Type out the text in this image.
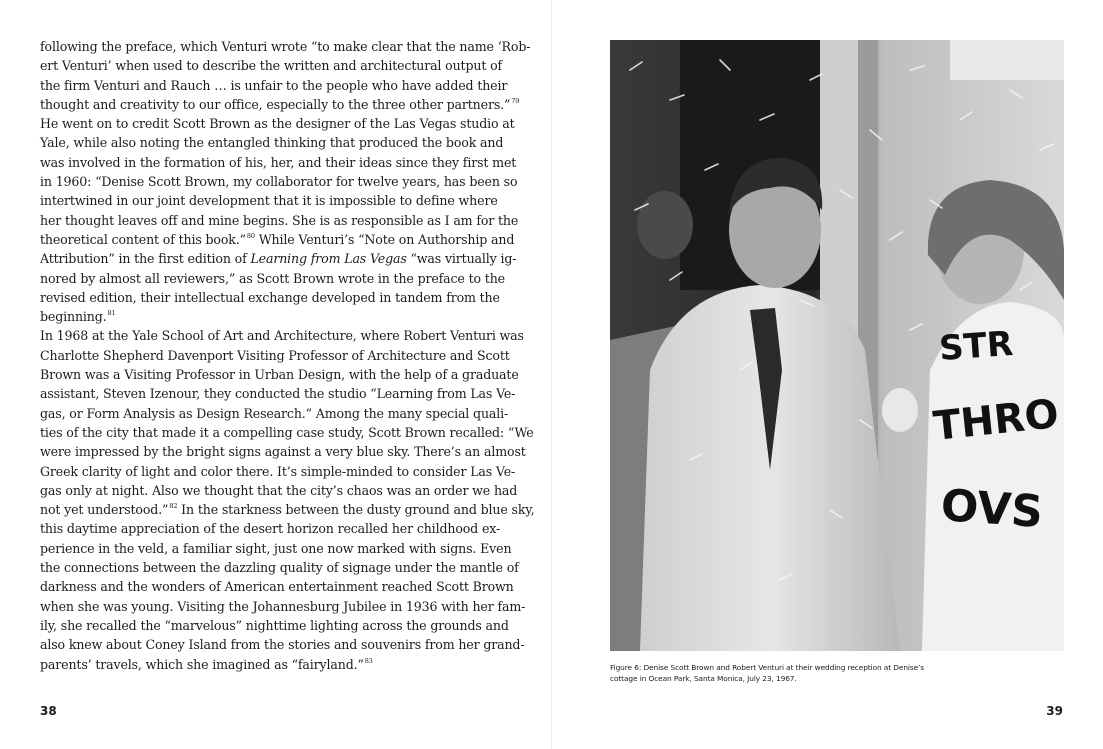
following the preface, which Venturi wrote “to make clear that the name ‘Rob-
ert Venturi’ when used to describe the written and architectural output of
the firm Venturi and Rauch … is unfair to the people who have added their
thought and creativity to our office, especially to the three other partners.”$^{79}$
He went on to credit Scott Brown as the designer of the Las Vegas studio at
Yale, while also noting the entangled thinking that produced the book and
was involved in the formation of his, her, and their ideas since they first met
in 1960: “Denise Scott Brown, my collaborator for twelve years, has been so
intertwined in our joint development that it is impossible to define where
her thought leaves off and mine begins. She is as responsible as I am for the
theoretical content of this book.”$^{80}$ While Venturi’s “Note on Authorship and
Attribution” in the first edition of Learning from Las Vegas “was virtually ig-
nored by almost all reviewers,” as Scott Brown wrote in the preface to the
revised edition, their intellectual exchange developed in tandem from the
beginning.$^{81}$
In 1968 at the Yale School of Art and Architecture, where Robert Venturi was
Charlotte Shepherd Davenport Visiting Professor of Architecture and Scott
Brown was a Visiting Professor in Urban Design, with the help of a graduate
assistant, Steven Izenour, they conducted the studio “Learning from Las Ve-
gas, or Form Analysis as Design Research.” Among the many special quali-
ties of the city that made it a compelling case study, Scott Brown recalled: “We
were impressed by the bright signs against a very blue sky. There’s an almost
Greek clarity of light and color there. It’s simple-minded to consider Las Ve-
gas only at night. Also we thought that the city’s chaos was an order we had
not yet understood.”$^{82}$ In the starkness between the dusty ground and blue sky,
this daytime appreciation of the desert horizon recalled her childhood ex-
perience in the veld, a familiar sight, just one now marked with signs. Even
the connections between the dazzling quality of signage under the mantle of
darkness and the wonders of American entertainment reached Scott Brown
when she was young. Visiting the Johannesburg Jubilee in 1936 with her fam-
ily, she recalled the “marvelous” nighttime lighting across the grounds and
also knew about Coney Island from the stories and souvenirs from her grand-
parents’ travels, which she imagined as “fairyland.”$^{83}$
38
STR
THRO
OVS
Figure 6: Denise Scott Brown and Robert Venturi at their wedding reception at Denise’s
cottage in Ocean Park, Santa Monica, July 23, 1967.
39
